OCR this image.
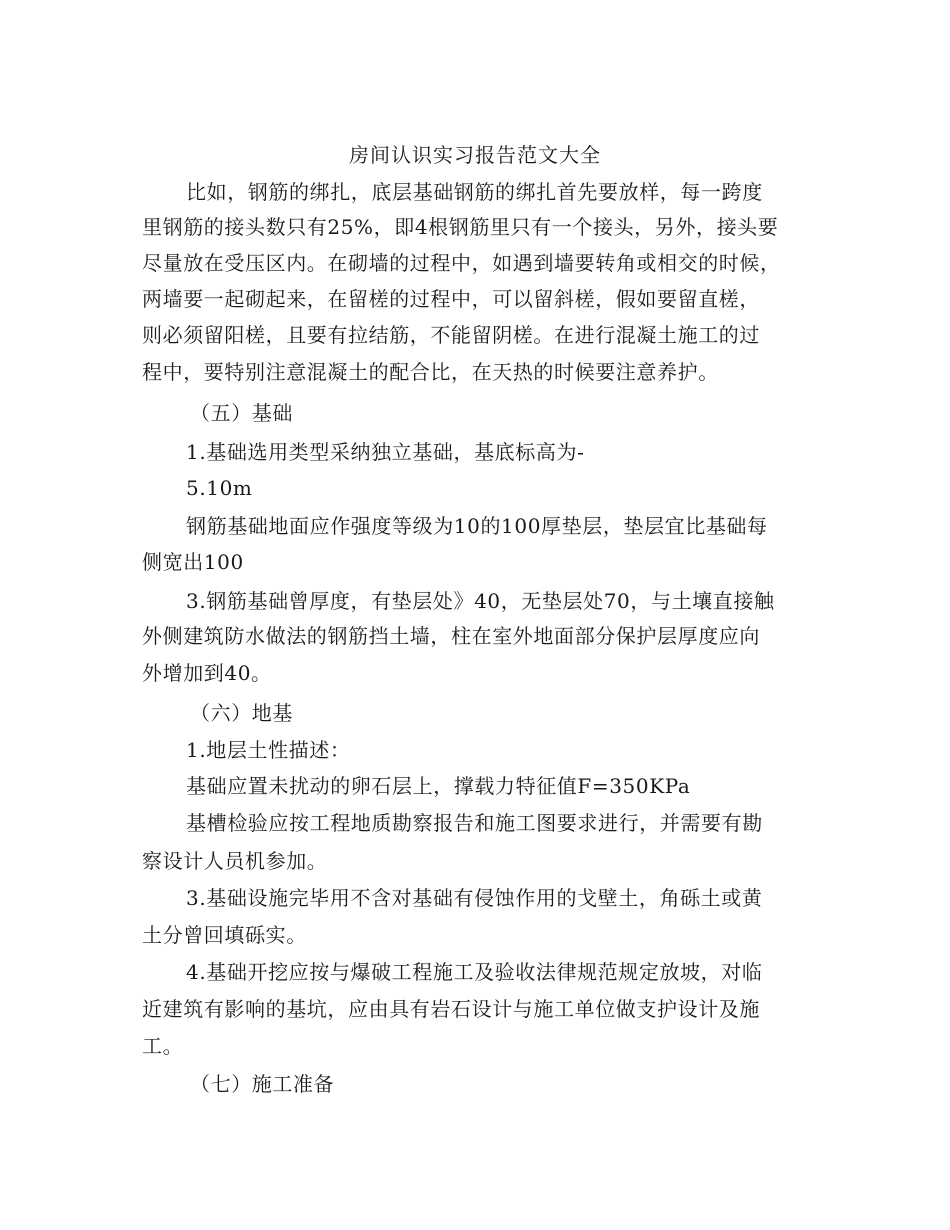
房间认识实习报告范文大全
比如，钢筋的绑扎，底层基础钢筋的绑扎首先要放样，每一跨度
里钢筋的接头数只有25%，即4根钢筋里只有一个接头，另外，接头要
尽量放在受压区内。在砌墙的过程中，如遇到墙要转角或相交的时候，
两墙要一起砌起来，在留槎的过程中，可以留斜槎，假如要留直槎，
则必须留阳槎，且要有拉结筋，不能留阴槎。在进行混凝土施工的过
程中，要特别注意混凝土的配合比，在天热的时候要注意养护。
（五）基础
1.基础选用类型采纳独立基础，基底标高为-
5.10m
钢筋基础地面应作强度等级为10的100厚垫层，垫层宜比基础每
侧宽出100
3.钢筋基础曾厚度，有垫层处》40，无垫层处70，与土壤直接触
外侧建筑防水做法的钢筋挡土墙，柱在室外地面部分保护层厚度应向
外增加到40。
（六）地基
1.地层土性描述：
基础应置未扰动的卵石层上，撑载力特征值F=350KPa
基槽检验应按工程地质勘察报告和施工图要求进行，并需要有勘
察设计人员机参加。
3.基础设施完毕用不含对基础有侵蚀作用的戈壁土，角砾土或黄
土分曾回填砾实。
4.基础开挖应按与爆破工程施工及验收法律规范规定放坡，对临
近建筑有影响的基坑，应由具有岩石设计与施工单位做支护设计及施
工。
（七）施工准备
